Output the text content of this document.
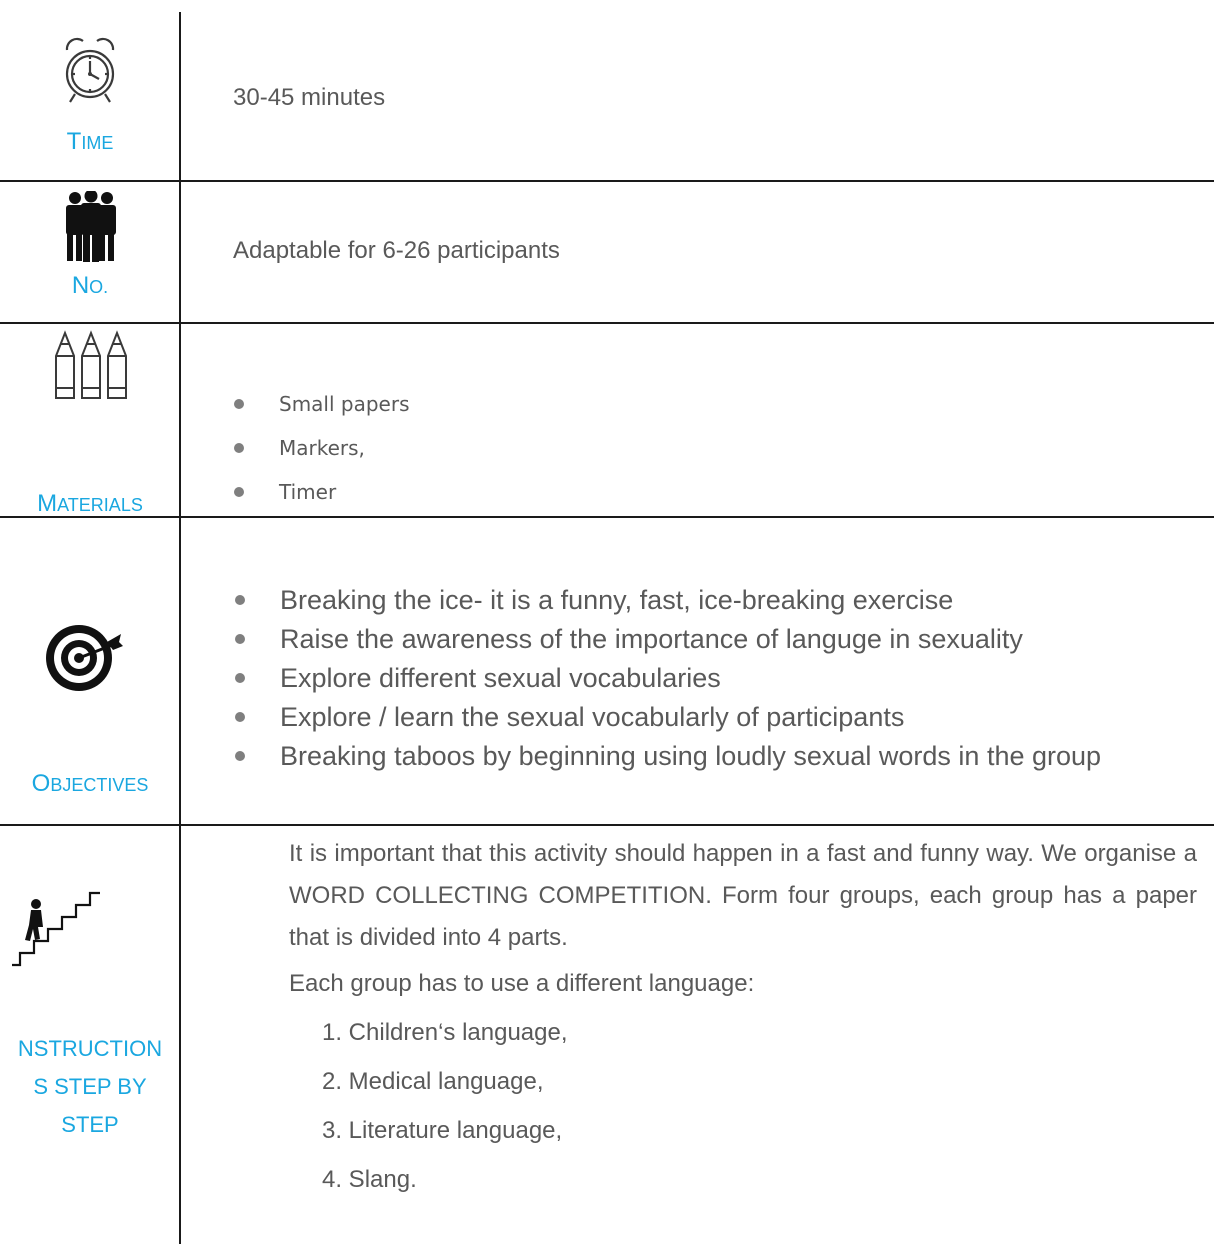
TIME
30-45 minutes
NO.
Adaptable for 6-26 participants
MATERIALS
Small papers
Markers,
Timer
OBJECTIVES
Breaking the ice- it is a funny, fast, ice-breaking exercise
Raise the awareness of the importance of languge in sexuality
Explore different sexual vocabularies
Explore / learn the sexual vocabularly of participants
Breaking taboos by beginning using loudly sexual words in the group
NSTRUCTION
S STEP BY
STEP

It is important that this activity should happen in a fast and funny way. We organise a WORD COLLECTING COMPETITION. Form four groups, each group has a paper that is divided into 4 parts.

Each group has to use a different language:

1. Children‘s language,

2. Medical language,

3. Literature language,

4. Slang.
